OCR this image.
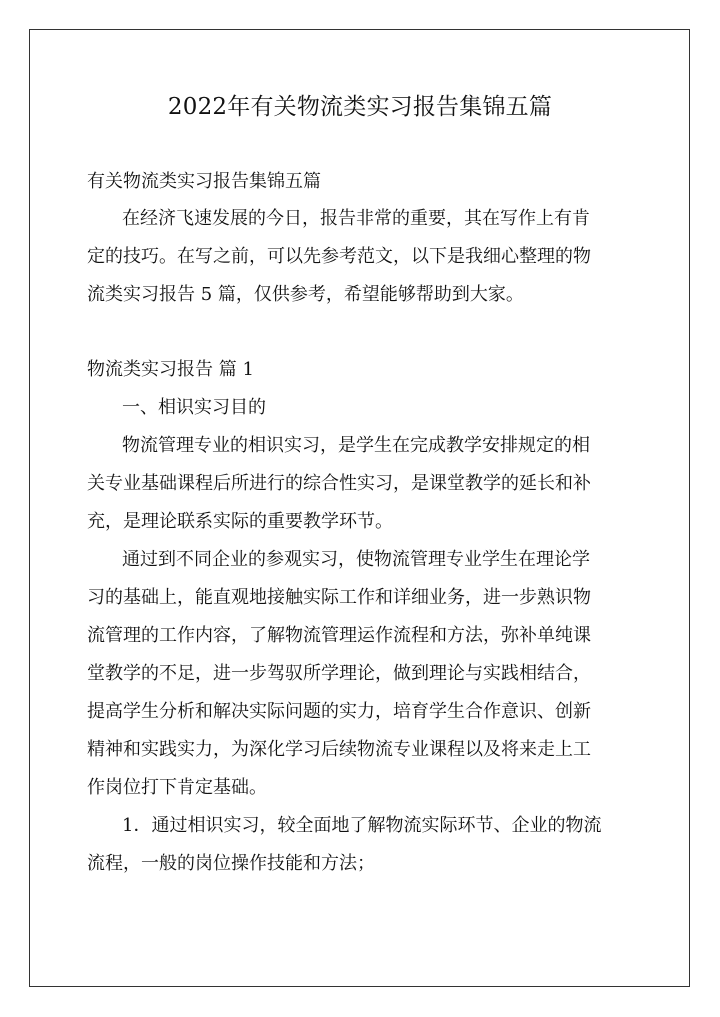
2022年有关物流类实习报告集锦五篇
有关物流类实习报告集锦五篇
在经济飞速发展的今日，报告非常的重要，其在写作上有肯
定的技巧。在写之前，可以先参考范文，以下是我细心整理的物
流类实习报告 5 篇，仅供参考，希望能够帮助到大家。
物流类实习报告 篇 1
一、相识实习目的
物流管理专业的相识实习，是学生在完成教学安排规定的相
关专业基础课程后所进行的综合性实习，是课堂教学的延长和补
充，是理论联系实际的重要教学环节。
通过到不同企业的参观实习，使物流管理专业学生在理论学
习的基础上，能直观地接触实际工作和详细业务，进一步熟识物
流管理的工作内容，了解物流管理运作流程和方法，弥补单纯课
堂教学的不足，进一步驾驭所学理论，做到理论与实践相结合，
提高学生分析和解决实际问题的实力，培育学生合作意识、创新
精神和实践实力，为深化学习后续物流专业课程以及将来走上工
作岗位打下肯定基础。
1．通过相识实习，较全面地了解物流实际环节、企业的物流
流程，一般的岗位操作技能和方法；
